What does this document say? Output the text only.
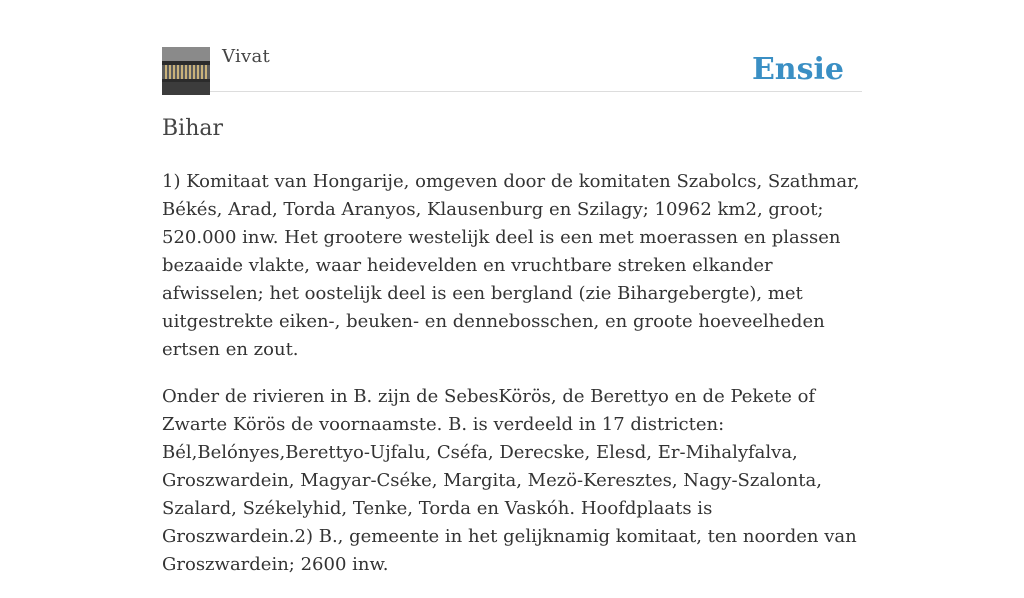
Vivat	Ensie
Bihar

1) Komitaat van Hongarije, omgeven door de komitaten Szabolcs, Szathmar, Békés, Arad, Torda Aranyos, Klausenburg en Szilagy; 10962 km2, groot; 520.000 inw. Het grootere westelijk deel is een met moerassen en plassen bezaaide vlakte, waar heidevelden en vruchtbare streken elkander afwisselen; het oostelijk deel is een bergland (zie Bihargebergte), met uitgestrekte eiken-, beuken- en dennebosschen, en groote hoeveelheden ertsen en zout.

Onder de rivieren in B. zijn de SebesKörös, de Berettyo en de Pekete of Zwarte Körös de voornaamste. B. is verdeeld in 17 districten: Bél,Belónyes,Berettyo-Ujfalu, Cséfa, Derecske, Elesd, Er-Mihalyfalva, Groszwardein, Magyar-Cséke, Margita, Mezö-Keresztes, Nagy-Szalonta, Szalard, Székelyhid, Tenke, Torda en Vaskóh. Hoofdplaats is Groszwardein.2) B., gemeente in het gelijknamig komitaat, ten noorden van Groszwardein; 2600 inw.
